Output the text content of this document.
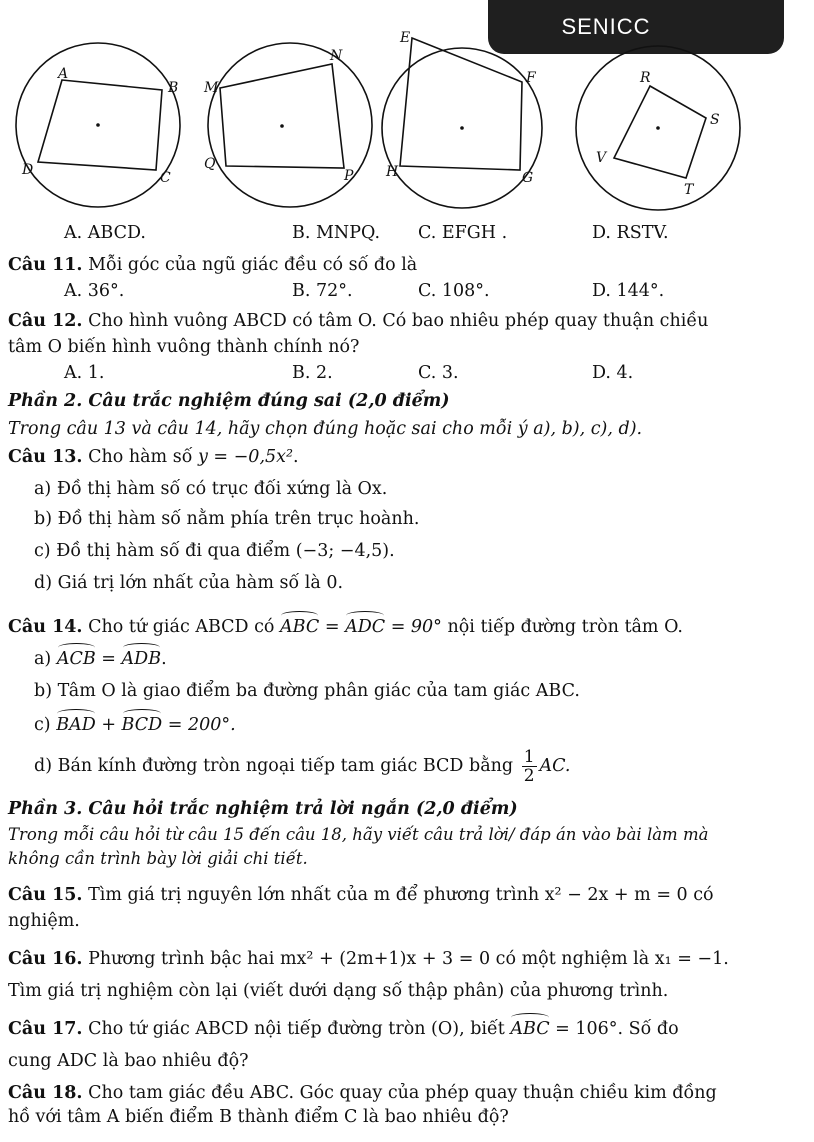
SENICC
A
B
C
D
M
N
P
Q
E
F
G
H
R
S
T
V
A. ABCD.	B. MNPQ. C. EFGH .	D. RSTV.
Câu 11. Mỗi góc của ngũ giác đều có số đo là
A. 36°.	B. 72°.	C. 108°.	D. 144°.
Câu 12. Cho hình vuông ABCD có tâm O. Có bao nhiêu phép quay thuận chiều
tâm O biến hình vuông thành chính nó?
A. 1.	B. 2.	C. 3.	D. 4.
Phần 2. Câu trắc nghiệm đúng sai (2,0 điểm)
Trong câu 13 và câu 14, hãy chọn đúng hoặc sai cho mỗi ý a), b), c), d).
Câu 13. Cho hàm số y = −0,5x².
a) Đồ thị hàm số có trục đối xứng là Ox.
b) Đồ thị hàm số nằm phía trên trục hoành.
c) Đồ thị hàm số đi qua điểm (−3; −4,5).
d) Giá trị lớn nhất của hàm số là 0.
Câu 14. Cho tứ giác ABCD có ABC = ADC = 90° nội tiếp đường tròn tâm O.
a) ACB = ADB.
b) Tâm O là giao điểm ba đường phân giác của tam giác ABC.
c) BAD + BCD = 200°.
d) Bán kính đường tròn ngoại tiếp tam giác BCD bằng $\frac{1}{2}$ AC.
Phần 3. Câu hỏi trắc nghiệm trả lời ngắn (2,0 điểm)
Trong mỗi câu hỏi từ câu 15 đến câu 18, hãy viết câu trả lời/ đáp án vào bài làm mà
không cần trình bày lời giải chi tiết.
Câu 15. Tìm giá trị nguyên lớn nhất của m để phương trình x² − 2x + m = 0 có
nghiệm.
Câu 16. Phương trình bậc hai mx² + (2m+1)x + 3 = 0 có một nghiệm là x₁ = −1.
Tìm giá trị nghiệm còn lại (viết dưới dạng số thập phân) của phương trình.
Câu 17. Cho tứ giác ABCD nội tiếp đường tròn (O), biết ABC = 106°. Số đo
cung ADC là bao nhiêu độ?
Câu 18. Cho tam giác đều ABC. Góc quay của phép quay thuận chiều kim đồng
hồ với tâm A biến điểm B thành điểm C là bao nhiêu độ?
